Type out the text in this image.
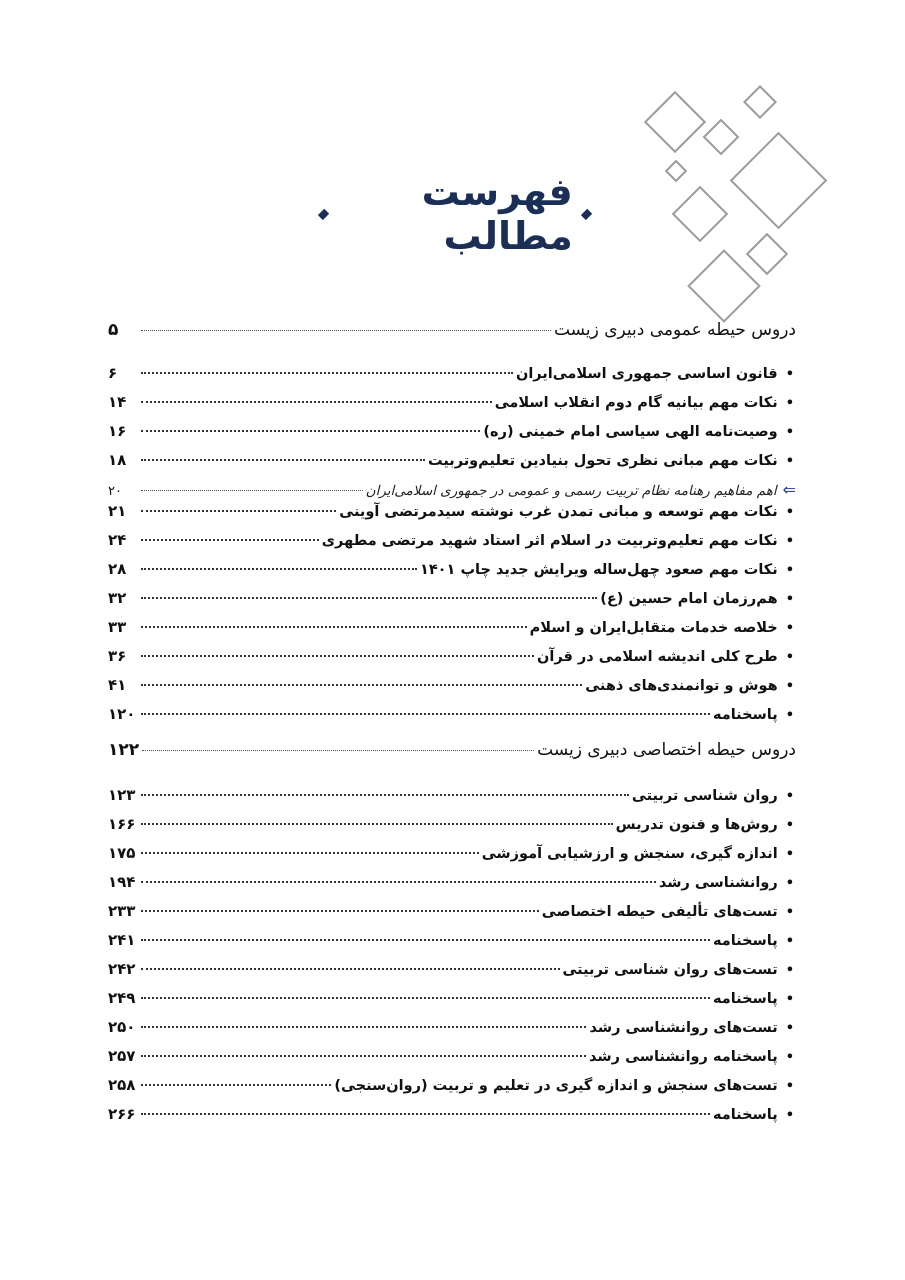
فهرست مطالب
دروس حیطه عمومی دبیری زیست
۵
• قانون اساسی جمهوری اسلامی‌ایران
۶
• نکات مهم بیانیه گام دوم انقلاب اسلامی
۱۴
• وصیت‌نامه الهی سیاسی امام خمینی (ره)
۱۶
• نکات مهم مبانی نظری تحول بنیادین تعلیم‌وتربیت
۱۸
⇐
اهم مفاهیم رهنامه نظام تربیت رسمی و عمومی در جمهوری اسلامی‌ایران
۲۰
• نکات مهم توسعه و مبانی تمدن غرب نوشته سیدمرتضی آوینی
۲۱
• نکات مهم تعلیم‌وتربیت در اسلام اثر استاد شهید مرتضی مطهری
۲۴
• نکات مهم صعود چهل‌ساله ویرایش جدید چاپ ۱۴۰۱
۲۸
• هم‌رزمان امام حسین (ع)
۳۲
• خلاصه خدمات متقابل‌ایران و اسلام
۳۳
• طرح کلی اندیشه اسلامی در قرآن
۳۶
• هوش و توانمندی‌های ذهنی
۴۱
• پاسخنامه
۱۲۰
دروس حیطه اختصاصی دبیری زیست
۱۲۲
• روان شناسی تربیتی
۱۲۳
• روش‌ها و فنون تدریس
۱۶۶
• اندازه گیری، سنجش و ارزشیابی آموزشی
۱۷۵
• روانشناسی رشد
۱۹۴
• تست‌های تألیفی حیطه اختصاصی
۲۳۳
• پاسخنامه
۲۴۱
• تست‌های روان شناسی تربیتی
۲۴۲
• پاسخنامه
۲۴۹
• تست‌های روانشناسی رشد
۲۵۰
• پاسخنامه روانشناسی رشد
۲۵۷
• تست‌های سنجش و اندازه گیری در تعلیم و تربیت (روان‌سنجی)
۲۵۸
• پاسخنامه
۲۶۶
